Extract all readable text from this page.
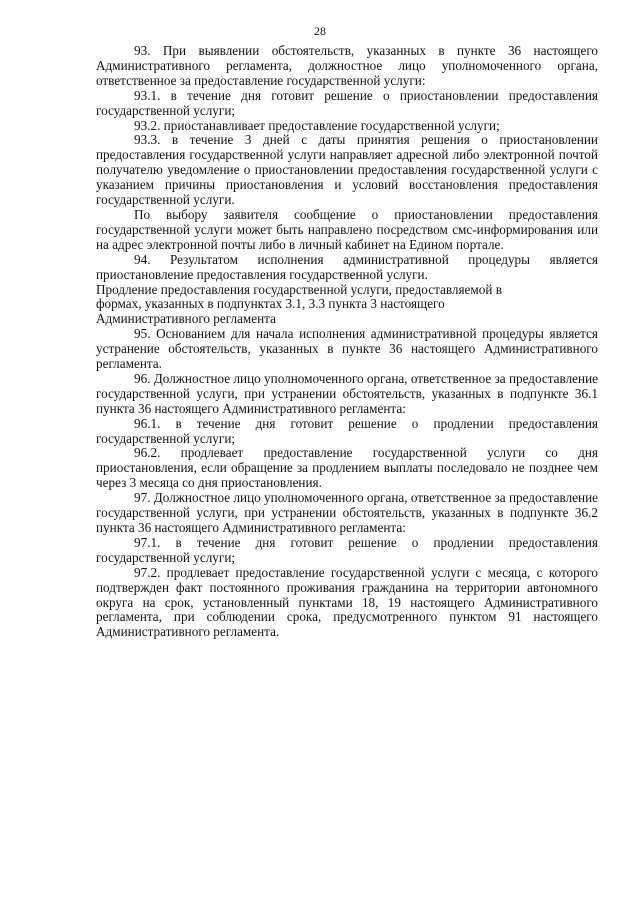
28

93. При выявлении обстоятельств, указанных в пункте 36 настоящего Административного регламента, должностное лицо уполномоченного органа, ответственное за предоставление государственной услуги:

93.1. в течение дня готовит решение о приостановлении предоставления государственной услуги;

93.2. приостанавливает предоставление государственной услуги;

93.3. в течение 3 дней с даты принятия решения о приостановлении предоставления государственной услуги направляет адресной либо электронной почтой получателю уведомление о приостановлении предоставления государственной услуги с указанием причины приостановления и условий восстановления предоставления государственной услуги.

По выбору заявителя сообщение о приостановлении предоставления государственной услуги может быть направлено посредством смс-информирования или на адрес электронной почты либо в личный кабинет на Едином портале.

94. Результатом исполнения административной процедуры является приостановление предоставления государственной услуги.

Продление предоставления государственной услуги, предоставляемой в
формах, указанных в подпунктах 3.1, 3.3 пункта 3 настоящего
Административного регламента

95. Основанием для начала исполнения административной процедуры является устранение обстоятельств, указанных в пункте 36 настоящего Административного регламента.

96. Должностное лицо уполномоченного органа, ответственное за предоставление государственной услуги, при устранении обстоятельств, указанных в подпункте 36.1 пункта 36 настоящего Административного регламента:

96.1. в течение дня готовит решение о продлении предоставления государственной услуги;

96.2. продлевает предоставление государственной услуги со дня приостановления, если обращение за продлением выплаты последовало не позднее чем через 3 месяца со дня приостановления.

97. Должностное лицо уполномоченного органа, ответственное за предоставление государственной услуги, при устранении обстоятельств, указанных в подпункте 36.2 пункта 36 настоящего Административного регламента:

97.1. в течение дня готовит решение о продлении предоставления государственной услуги;

97.2. продлевает предоставление государственной услуги с месяца, с которого подтвержден факт постоянного проживания гражданина на территории автономного округа на срок, установленный пунктами 18, 19 настоящего Административного регламента, при соблюдении срока, предусмотренного пунктом 91 настоящего Административного регламента.
